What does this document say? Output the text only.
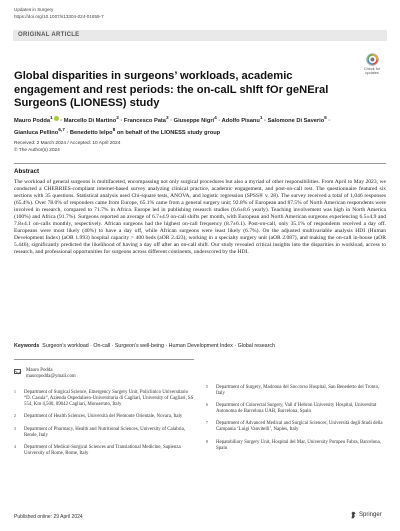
Updates in Surgery
https://doi.org/10.1007/s13304-024-01859-7
ORIGINAL ARTICLE
Check for updates
Global disparities in surgeons’ workloads, academic engagement and rest periods: the on-calL shIft fOr geNEral SurgeonS (LIONESS) study
Mauro Podda$^1$ · Marcello Di Martino$^2$ · Francesco Pata$^3$ · Giuseppe Nigri$^4$ · Adolfo Pisanu$^1$ · Salomone Di Saverio$^5$ ·
Gianluca Pellino$^{6,7}$ · Benedetto Ielpo$^8$ on behalf of the LIONESS study group
Received: 2 March 2024 / Accepted: 10 April 2024
© The Author(s) 2024
Abstract

The workload of general surgeons is multifaceted, encompassing not only surgical procedures but also a myriad of other responsibilities. From April to May 2023, we conducted a CHERRIES-compliant internet-based survey analyzing clinical practice, academic engagement, and post-on-call rest. The questionnaire featured six sections with 35 questions. Statistical analysis used Chi-square tests, ANOVA, and logistic regression (SPSS® v. 28). The survey received a total of 1,046 responses (65.4%). Over 78.0% of responders came from Europe, 65.1% came from a general surgery unit; 92.8% of European and 87.5% of North American respondents were involved in research, compared to 71.7% in Africa. Europe led in publishing research studies (6.6±8.6 yearly). Teaching involvement was high in North America (100%) and Africa (91.7%). Surgeons reported an average of 6.7±4.9 on-call shifts per month, with European and North American surgeons experiencing 6.5±4.9 and 7.8±4.1 on-calls monthly, respectively. African surgeons had the highest on-call frequency (8.7±6.1). Post-on-call, only 35.1% of respondents received a day off. Europeans were most likely (40%) to have a day off, while African surgeons were least likely (6.7%). On the adjusted multivariable analysis HDI (Human Development Index) (aOR 1.993) hospital capacity > 400 beds (aOR 2.423), working in a specialty surgery unit (aOR 2.087), and making the on-call in-house (aOR 5.446), significantly predicted the likelihood of having a day off after an on-call shift. Our study revealed critical insights into the disparities in workload, access to research, and professional opportunities for surgeons across different continents, underscored by the HDI.

Keywords Surgeon’s workload · On-call · Surgeon’s well-being · Human Development Index · Global research
Mauro Podda
mauropodda@ymail.com
1	Department of Surgical Science, Emergency Surgery Unit, Policlinico Universitario “D. Casula”, Azienda Ospedaliero-Universitaria di Cagliari, University of Cagliari, SS 554, Km 4,500, 09042 Cagliari, Monserrato, Italy
2	Department of Health Sciences, Università del Piemonte Orientale, Novara, Italy
3	Department of Pharmacy, Health and Nutritional Sciences, University of Calabria, Rende, Italy
4	Department of Medical-Surgical Sciences and Translational Medicine, Sapienza University of Rome, Rome, Italy
5	Department of Surgery, Madonna del Soccorso Hospital, San Benedetto del Tronto, Italy
6	Department of Colorectal Surgery, Vall d’Hebron University Hospital, Universitat Autonoma de Barcelona UAB, Barcelona, Spain
7	Department of Advanced Medical and Surgical Sciences, Università degli Studi della Campania ‘Luigi Vanvitelli’, Naples, Italy
8	Hepatobiliary Surgery Unit, Hospital del Mar, University Pompeu Fabra, Barcelona, Spain
Published online: 29 April 2024	Springer
